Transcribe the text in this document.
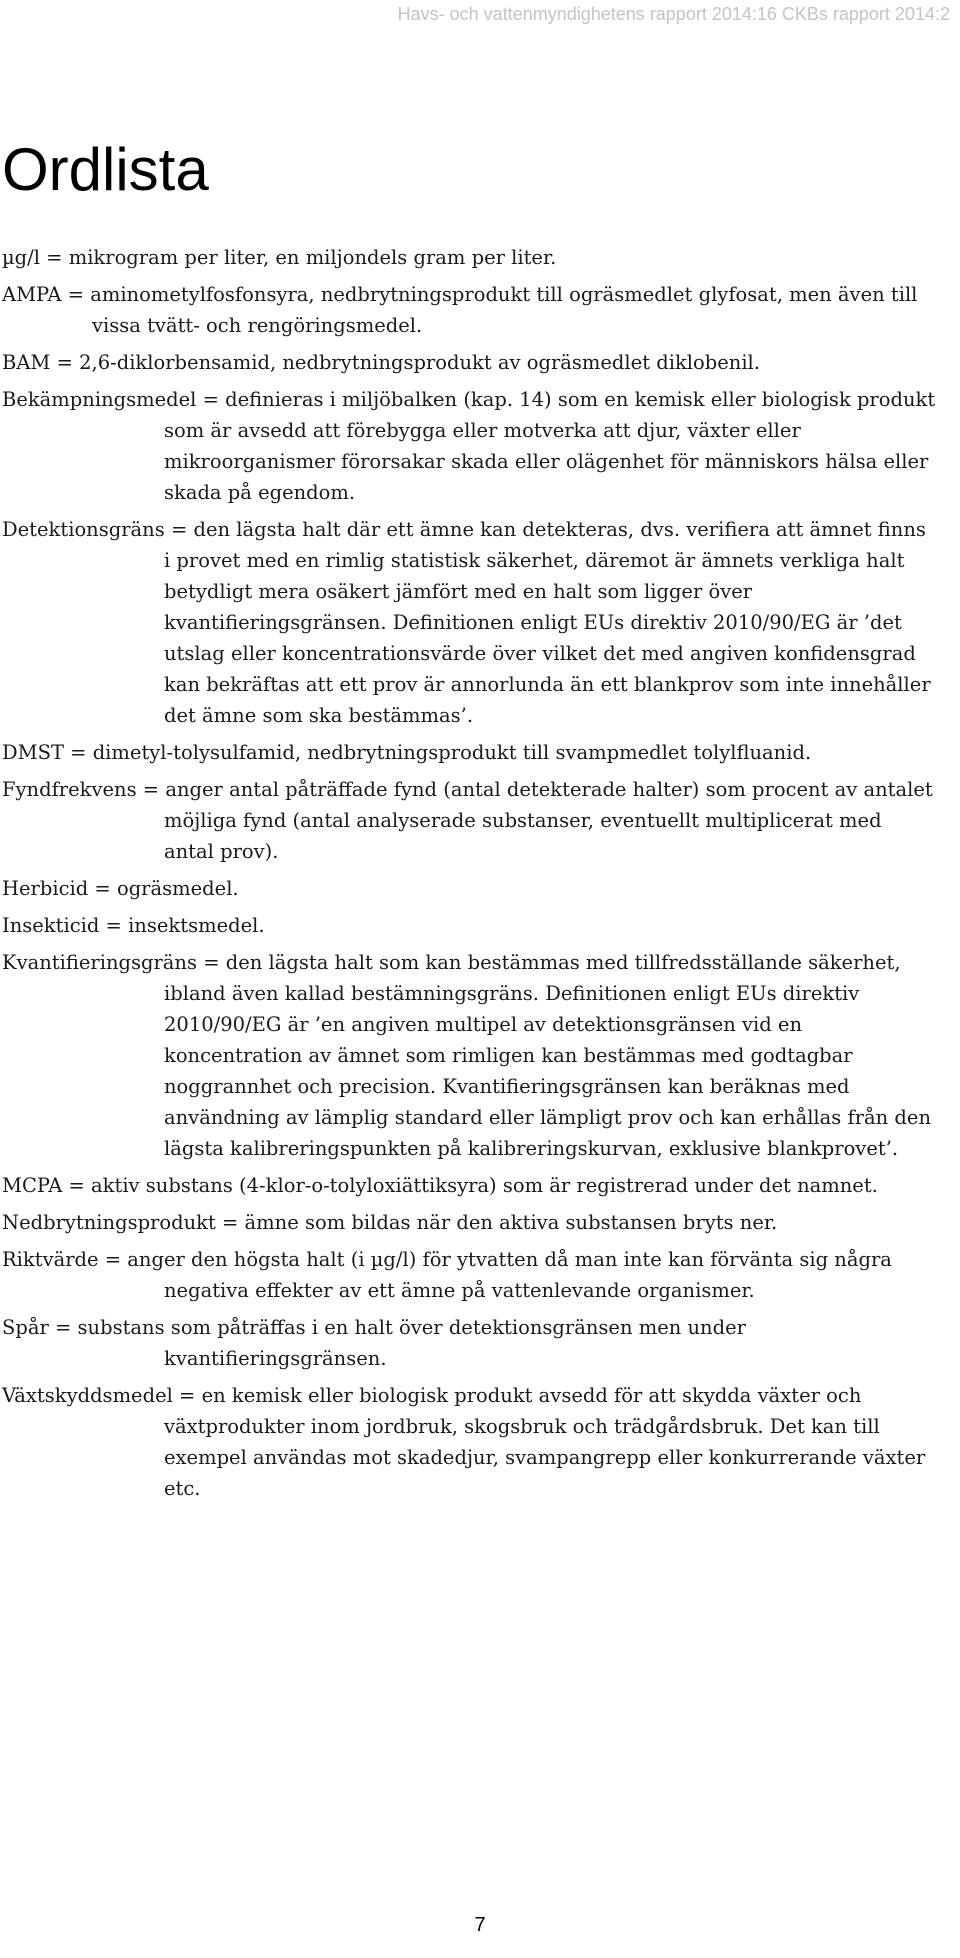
Havs- och vattenmyndighetens rapport 2014:16 CKBs rapport 2014:2
Ordlista
µg/l = mikrogram per liter, en miljondels gram per liter.
AMPA = aminometylfosfonsyra, nedbrytningsprodukt till ogräsmedlet glyfosat, men även till vissa tvätt- och rengöringsmedel.
BAM = 2,6-diklorbensamid, nedbrytningsprodukt av ogräsmedlet diklobenil.
Bekämpningsmedel = definieras i miljöbalken (kap. 14) som en kemisk eller biologisk produkt som är avsedd att förebygga eller motverka att djur, växter eller mikroorganismer förorsakar skada eller olägenhet för människors hälsa eller skada på egendom.
Detektionsgräns = den lägsta halt där ett ämne kan detekteras, dvs. verifiera att ämnet finns i provet med en rimlig statistisk säkerhet, däremot är ämnets verkliga halt betydligt mera osäkert jämfört med en halt som ligger över kvantifieringsgränsen. Definitionen enligt EUs direktiv 2010/90/EG är ’det utslag eller koncentrationsvärde över vilket det med angiven konfidensgrad kan bekräftas att ett prov är annorlunda än ett blankprov som inte innehåller det ämne som ska bestämmas’.
DMST = dimetyl-tolysulfamid, nedbrytningsprodukt till svampmedlet tolylfluanid.
Fyndfrekvens = anger antal påträffade fynd (antal detekterade halter) som procent av antalet möjliga fynd (antal analyserade substanser, eventuellt multiplicerat med antal prov).
Herbicid = ogräsmedel.
Insekticid = insektsmedel.
Kvantifieringsgräns = den lägsta halt som kan bestämmas med tillfredsställande säkerhet, ibland även kallad bestämningsgräns. Definitionen enligt EUs direktiv 2010/90/EG är ’en angiven multipel av detektionsgränsen vid en koncentration av ämnet som rimligen kan bestämmas med godtagbar noggrannhet och precision. Kvantifieringsgränsen kan beräknas med användning av lämplig standard eller lämpligt prov och kan erhållas från den lägsta kalibreringspunkten på kalibreringskurvan, exklusive blankprovet’.
MCPA = aktiv substans (4-klor-o-tolyloxiättiksyra) som är registrerad under det namnet.
Nedbrytningsprodukt = ämne som bildas när den aktiva substansen bryts ner.
Riktvärde = anger den högsta halt (i µg/l) för ytvatten då man inte kan förvänta sig några negativa effekter av ett ämne på vattenlevande organismer.
Spår = substans som påträffas i en halt över detektionsgränsen men under kvantifieringsgränsen.
Växtskyddsmedel = en kemisk eller biologisk produkt avsedd för att skydda växter och växtprodukter inom jordbruk, skogsbruk och trädgårdsbruk. Det kan till exempel användas mot skadedjur, svampangrepp eller konkurrerande växter etc.
7
